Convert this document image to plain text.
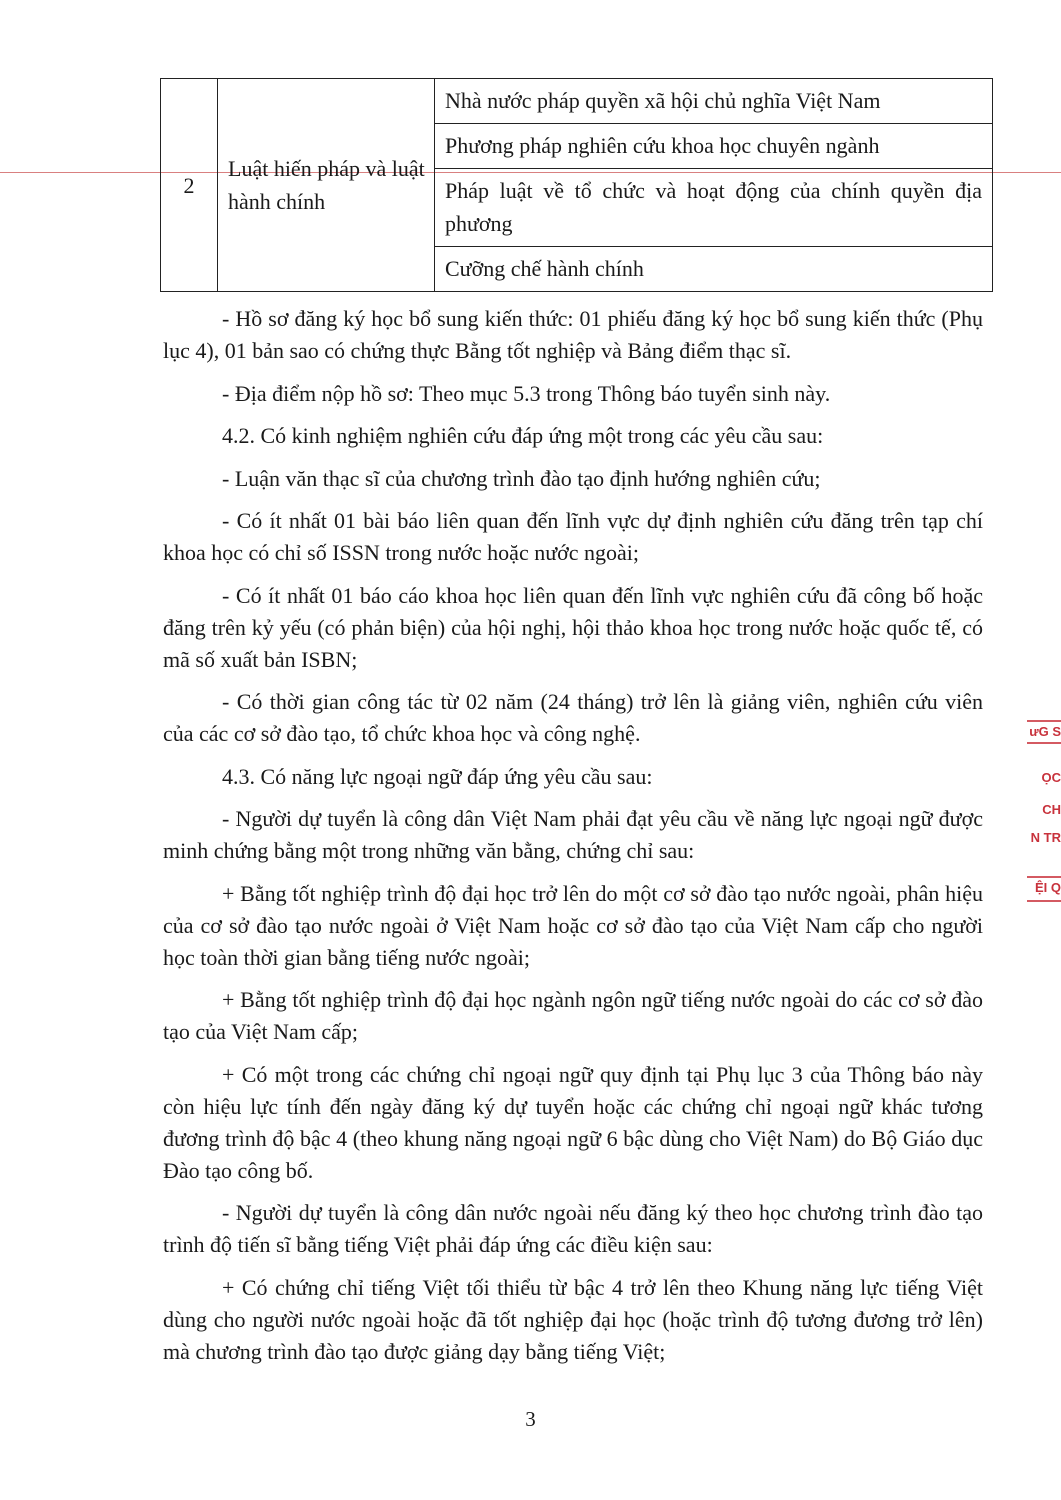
2	Luật hiến pháp và luật hành chính	Nhà nước pháp quyền xã hội chủ nghĩa Việt Nam
Phương pháp nghiên cứu khoa học chuyên ngành
Pháp luật về tổ chức và hoạt động của chính quyền địa phương
Cưỡng chế hành chính

- Hồ sơ đăng ký học bổ sung kiến thức: 01 phiếu đăng ký học bổ sung kiến thức (Phụ lục 4), 01 bản sao có chứng thực Bằng tốt nghiệp và Bảng điểm thạc sĩ.

- Địa điểm nộp hồ sơ: Theo mục 5.3 trong Thông báo tuyển sinh này.

4.2. Có kinh nghiệm nghiên cứu đáp ứng một trong các yêu cầu sau:

- Luận văn thạc sĩ của chương trình đào tạo định hướng nghiên cứu;

- Có ít nhất 01 bài báo liên quan đến lĩnh vực dự định nghiên cứu đăng trên tạp chí khoa học có chỉ số ISSN trong nước hoặc nước ngoài;

- Có ít nhất 01 báo cáo khoa học liên quan đến lĩnh vực nghiên cứu đã công bố hoặc đăng trên kỷ yếu (có phản biện) của hội nghị, hội thảo khoa học trong nước hoặc quốc tế, có mã số xuất bản ISBN;

- Có thời gian công tác từ 02 năm (24 tháng) trở lên là giảng viên, nghiên cứu viên của các cơ sở đào tạo, tổ chức khoa học và công nghệ.

4.3. Có năng lực ngoại ngữ đáp ứng yêu cầu sau:

- Người dự tuyển là công dân Việt Nam phải đạt yêu cầu về năng lực ngoại ngữ được minh chứng bằng một trong những văn bằng, chứng chỉ sau:

+ Bằng tốt nghiệp trình độ đại học trở lên do một cơ sở đào tạo nước ngoài, phân hiệu của cơ sở đào tạo nước ngoài ở Việt Nam hoặc cơ sở đào tạo của Việt Nam cấp cho người học toàn thời gian bằng tiếng nước ngoài;

+ Bằng tốt nghiệp trình độ đại học ngành ngôn ngữ tiếng nước ngoài do các cơ sở đào tạo của Việt Nam cấp;

+ Có một trong các chứng chỉ ngoại ngữ quy định tại Phụ lục 3 của Thông báo này còn hiệu lực tính đến ngày đăng ký dự tuyển hoặc các chứng chỉ ngoại ngữ khác tương đương trình độ bậc 4 (theo khung năng ngoại ngữ 6 bậc dùng cho Việt Nam) do Bộ Giáo dục Đào tạo công bố.

- Người dự tuyển là công dân nước ngoài nếu đăng ký theo học chương trình đào tạo trình độ tiến sĩ bằng tiếng Việt phải đáp ứng các điều kiện sau:

+ Có chứng chỉ tiếng Việt tối thiểu từ bậc 4 trở lên theo Khung năng lực tiếng Việt dùng cho người nước ngoài hoặc đã tốt nghiệp đại học (hoặc trình độ tương đương trở lên) mà chương trình đào tạo được giảng dạy bằng tiếng Việt;

3
ưG S
ỌC
CH
N TR
ỆI Q
